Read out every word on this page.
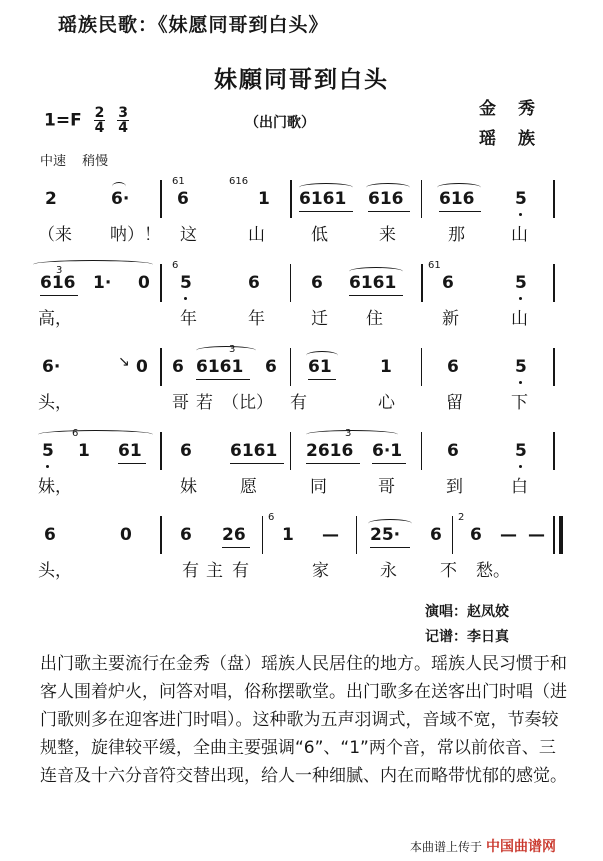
瑶族民歌：《妹愿同哥到白头》
妹願同哥到白头
$1=F \frac{2}{4}$
$\frac{3}{4}$	（出门歌）
金秀
瑶族
中速 稍慢
2	6·
61
6
616
1 6161 616 616 5
（来 呐）！ 这	山	低	来	那	山
3
616 1· 0
6
5	6	6 6161
61
6	5
高，	年	年	迁 住	新	山
6·	↘ 0 6
3
6161 6 61	1	6	5
头，	哥 若 （比） 有	心	留	下
5
6
1 61 6 6161
3
2616 6·1	6	5
妹，	妹	愿	同	哥	到	白
6	0	6 26
6
1 — 25· 6
2
6 — —
头，	有 主 有	家	永	不 愁。
演唱：赵凤姣
记谱：李日真
出门歌主要流行在金秀（盘）瑶族人民居住的地方。瑶族人民习惯于和客人围着炉火，问答对唱，俗称摆歌堂。出门歌多在送客出门时唱（进门歌则多在迎客进门时唱）。这种歌为五声羽调式，音域不宽，节奏较规整，旋律较平缓，全曲主要强调“6”、“1”两个音，常以前依音、三连音及十六分音符交替出现，给人一种细腻、内在而略带忧郁的感觉。
本曲谱上传于 中国曲谱网
